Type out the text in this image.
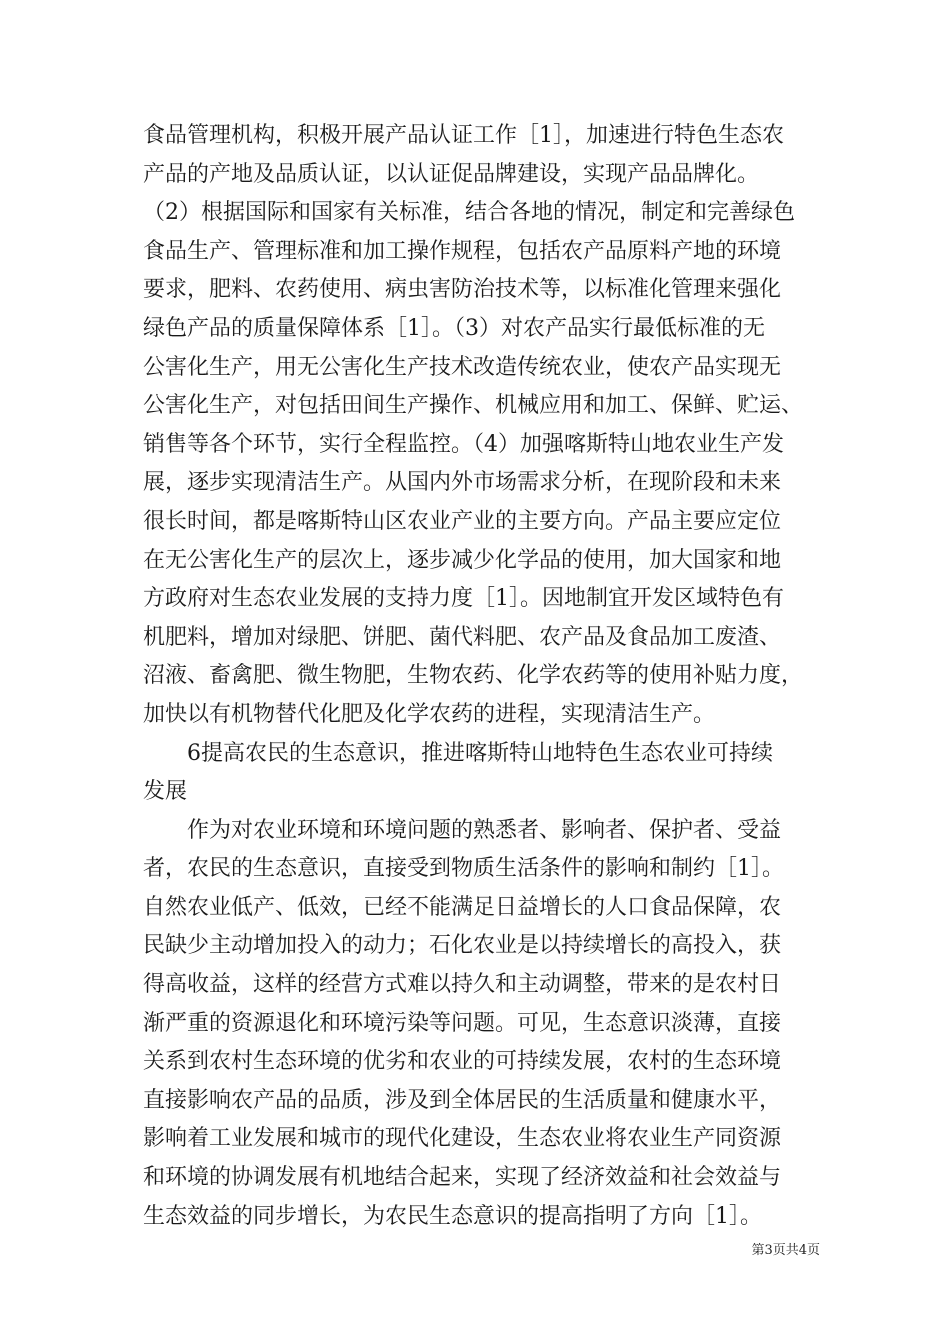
食品管理机构，积极开展产品认证工作［1］，加速进行特色生态农
产品的产地及品质认证，以认证促品牌建设，实现产品品牌化。
（2）根据国际和国家有关标准，结合各地的情况，制定和完善绿色
食品生产、管理标准和加工操作规程，包括农产品原料产地的环境
要求，肥料、农药使用、病虫害防治技术等，以标准化管理来强化
绿色产品的质量保障体系［1］。（3）对农产品实行最低标准的无
公害化生产，用无公害化生产技术改造传统农业，使农产品实现无
公害化生产，对包括田间生产操作、机械应用和加工、保鲜、贮运、
销售等各个环节，实行全程监控。（4）加强喀斯特山地农业生产发
展，逐步实现清洁生产。从国内外市场需求分析，在现阶段和未来
很长时间，都是喀斯特山区农业产业的主要方向。产品主要应定位
在无公害化生产的层次上，逐步减少化学品的使用，加大国家和地
方政府对生态农业发展的支持力度［1］。因地制宜开发区域特色有
机肥料，增加对绿肥、饼肥、菌代料肥、农产品及食品加工废渣、
沼液、畜禽肥、微生物肥，生物农药、化学农药等的使用补贴力度，
加快以有机物替代化肥及化学农药的进程，实现清洁生产。
6提高农民的生态意识，推进喀斯特山地特色生态农业可持续
发展
作为对农业环境和环境问题的熟悉者、影响者、保护者、受益
者，农民的生态意识，直接受到物质生活条件的影响和制约［1］。
自然农业低产、低效，已经不能满足日益增长的人口食品保障，农
民缺少主动增加投入的动力；石化农业是以持续增长的高投入，获
得高收益，这样的经营方式难以持久和主动调整，带来的是农村日
渐严重的资源退化和环境污染等问题。可见，生态意识淡薄，直接
关系到农村生态环境的优劣和农业的可持续发展，农村的生态环境
直接影响农产品的品质，涉及到全体居民的生活质量和健康水平，
影响着工业发展和城市的现代化建设，生态农业将农业生产同资源
和环境的协调发展有机地结合起来，实现了经济效益和社会效益与
生态效益的同步增长，为农民生态意识的提高指明了方向［1］。
第3页共4页
